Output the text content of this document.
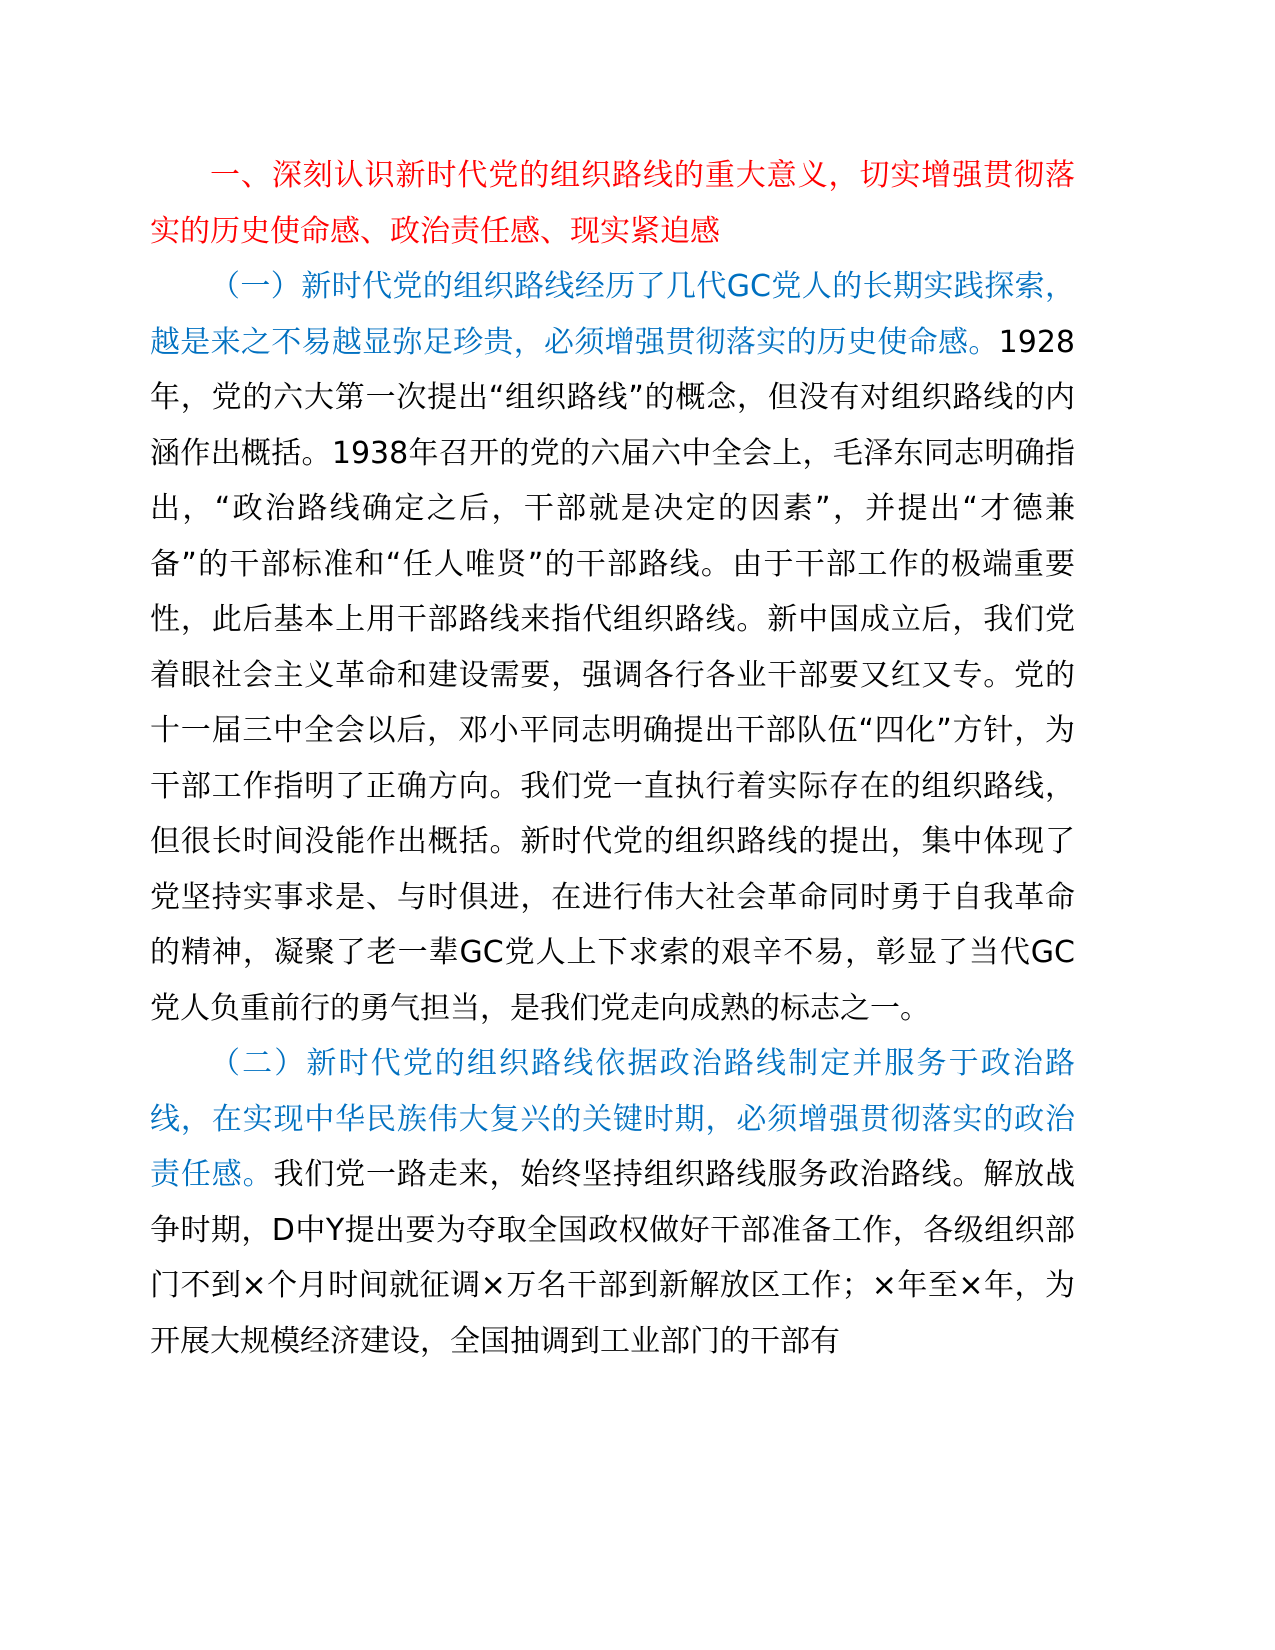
一、深刻认识新时代党的组织路线的重大意义，切实增强贯彻落实的历史使命感、政治责任感、现实紧迫感

（一）新时代党的组织路线经历了几代GC党人的长期实践探索，越是来之不易越显弥足珍贵，必须增强贯彻落实的历史使命感。1928年，党的六大第一次提出“组织路线”的概念，但没有对组织路线的内涵作出概括。1938年召开的党的六届六中全会上，毛泽东同志明确指出，“政治路线确定之后，干部就是决定的因素”，并提出“才德兼备”的干部标准和“任人唯贤”的干部路线。由于干部工作的极端重要性，此后基本上用干部路线来指代组织路线。新中国成立后，我们党着眼社会主义革命和建设需要，强调各行各业干部要又红又专。党的十一届三中全会以后，邓小平同志明确提出干部队伍“四化”方针，为干部工作指明了正确方向。我们党一直执行着实际存在的组织路线，但很长时间没能作出概括。新时代党的组织路线的提出，集中体现了党坚持实事求是、与时俱进，在进行伟大社会革命同时勇于自我革命的精神，凝聚了老一辈GC党人上下求索的艰辛不易，彰显了当代GC党人负重前行的勇气担当，是我们党走向成熟的标志之一。

（二）新时代党的组织路线依据政治路线制定并服务于政治路线，在实现中华民族伟大复兴的关键时期，必须增强贯彻落实的政治责任感。我们党一路走来，始终坚持组织路线服务政治路线。解放战争时期，D中Y提出要为夺取全国政权做好干部准备工作，各级组织部门不到×个月时间就征调×万名干部到新解放区工作；×年至×年，为开展大规模经济建设，全国抽调到工业部门的干部有
